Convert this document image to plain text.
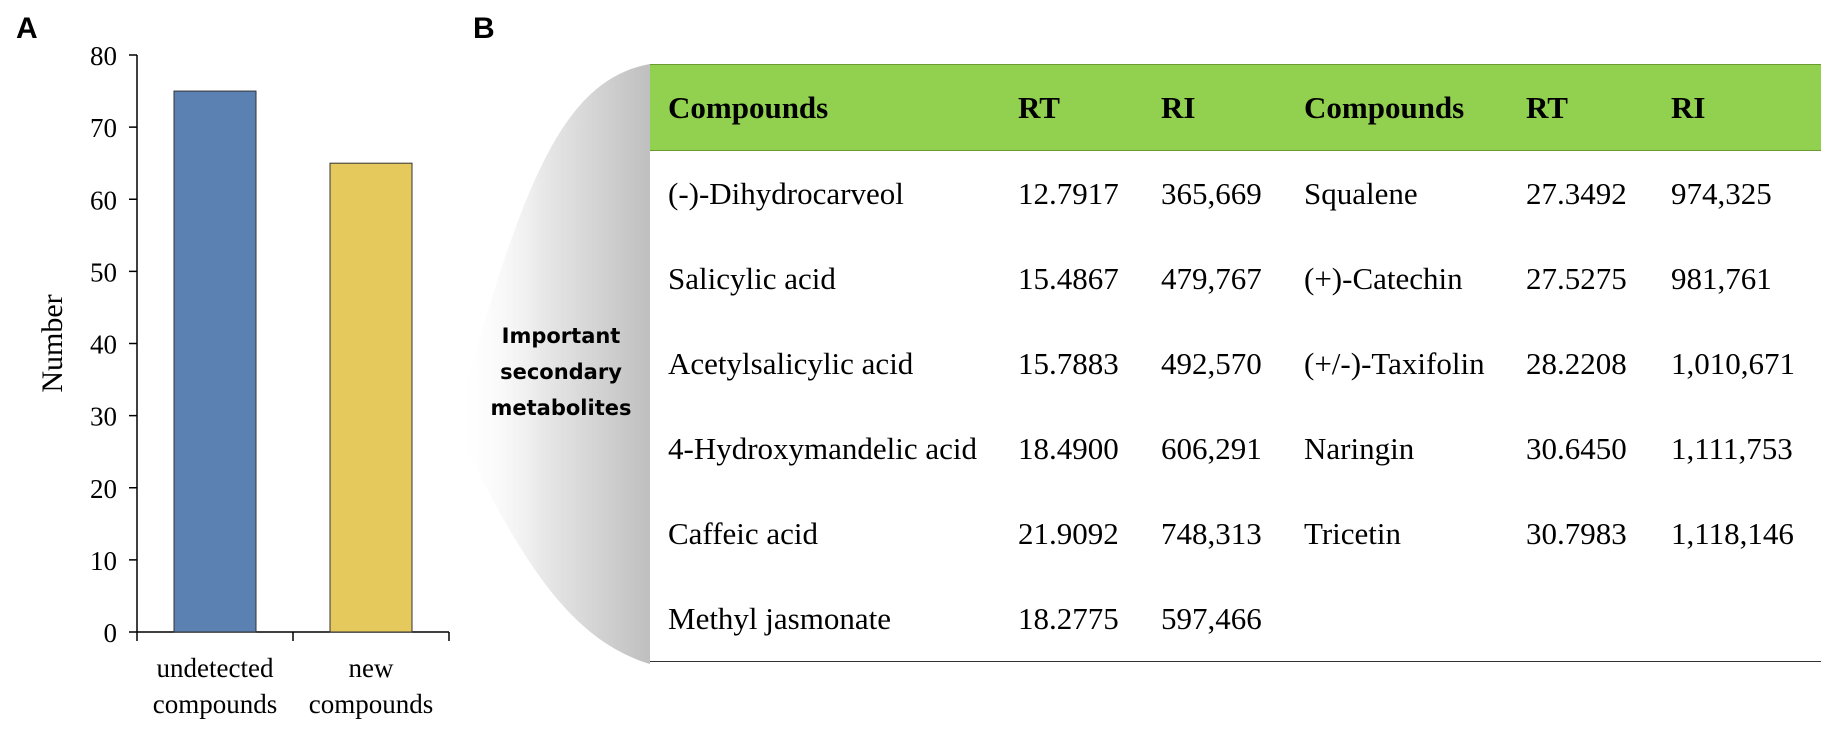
A	B
0
10
20
30
40
50
60
70
80
Number
undetected
compounds
new
compounds
Important
secondary
metabolites
Compounds	RT	RI	Compounds	RT	RI
(-)-Dihydrocarveol	12.7917	365,669	Squalene	27.3492	974,325
Salicylic acid	15.4867	479,767	(+)-Catechin	27.5275	981,761
Acetylsalicylic acid	15.7883	492,570	(+/-)-Taxifolin	28.2208	1,010,671
4-Hydroxymandelic acid	18.4900	606,291	Naringin	30.6450	1,111,753
Caffeic acid	21.9092	748,313	Tricetin	30.7983	1,118,146
Methyl jasmonate	18.2775	597,466			
